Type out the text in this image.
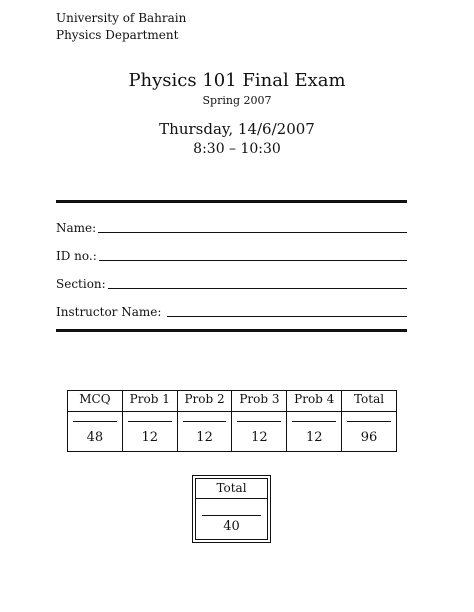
University of Bahrain
Physics Department
Physics 101 Final Exam
Spring 2007
Thursday, 14/6/2007
8:30 – 10:30
Name:
ID no.:
Section:
Instructor Name:
MCQ
48
Prob 1
12
Prob 2
12
Prob 3
12
Prob 4
12
Total
96
Total
40
